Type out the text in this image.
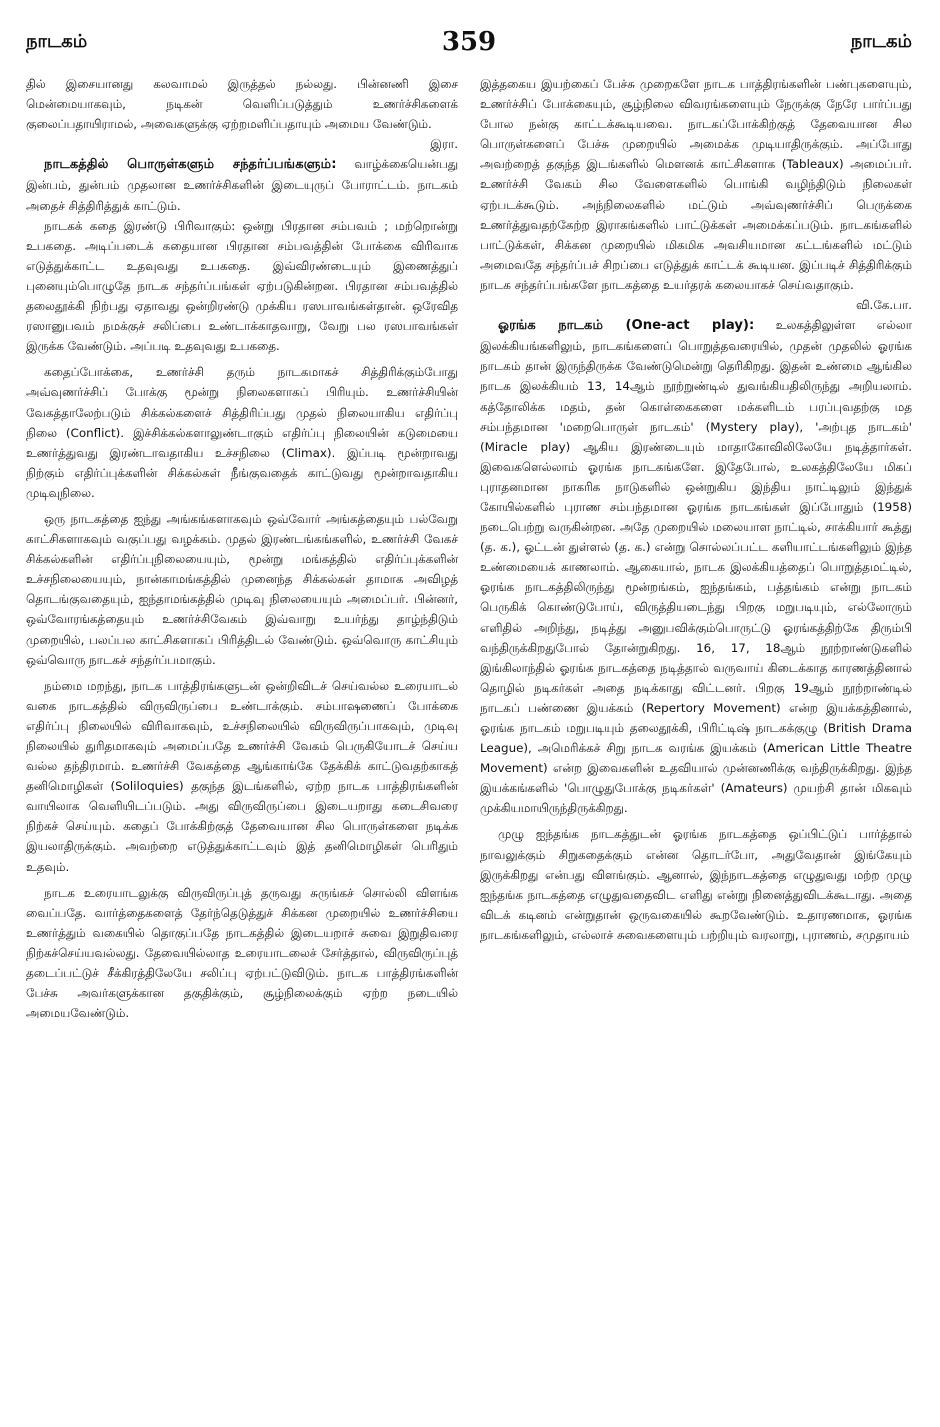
நாடகம்	359	நாடகம்

தில் இசையானது கலவாமல் இருத்தல் நல்லது. பின்னணி இசை மென்மையாகவும், நடிகன் வெளிப்படுத்தும் உணர்ச்சிகளைக் குலைப்பதாயிராமல், அவைகளுக்கு ஏற்றமளிப்பதாயும் அமைய வேண்டும்.
இரா.

நாடகத்தில் பொருள்களும் சந்தர்ப்பங்களும்: வாழ்க்கையென்பது இன்பம், துன்பம் முதலான உணர்ச்சிகளின் இடையுருப் போராட்டம். நாடகம் அதைச் சித்திரித்துக் காட்டும்.

நாடகக் கதை இரண்டு பிரிவாகும்: ஒன்று பிரதான சம்பவம் ; மற்றொன்று உபகதை. அடிப்படைக் கதையான பிரதான சம்பவத்தின் போக்கை விரிவாக எடுத்துக்காட்ட உதவுவது உபகதை. இவ்விரண்டையும் இணைத்துப் புனையும்பொழுதே நாடக சந்தர்ப்பங்கள் ஏற்படுகின்றன. பிரதான சம்பவத்தில் தலைதூக்கி நிற்பது ஏதாவது ஒன்றிரண்டு முக்கிய ரஸபாவங்கள்தான். ஒரேவித ரஸானுபவம் நமக்குச் சலிப்பை உண்டாக்காதவாறு, வேறு பல ரஸபாவங்கள் இருக்க வேண்டும். அப்படி உதவுவது உபகதை.

கதைப்போக்கை, உணர்ச்சி தரும் நாடகமாகச் சித்திரிக்கும்போது அவ்வுணர்ச்சிப் போக்கு மூன்று நிலைகளாகப் பிரியும். உணர்ச்சியின் வேகத்தாலேற்படும் சிக்கல்களைச் சித்திரிப்பது முதல் நிலையாகிய எதிர்ப்பு நிலை (Conflict). இச்சிக்கல்களாலுண்டாகும் எதிர்ப்பு நிலையின் கடுமையை உணர்த்துவது இரண்டாவதாகிய உச்சநிலை (Climax). இப்படி மூன்றாவது நிற்கும் எதிர்ப்புக்களின் சிக்கல்கள் நீங்குவதைக் காட்டுவது மூன்றாவதாகிய முடிவுநிலை.

ஒரு நாடகத்தை ஐந்து அங்கங்களாகவும் ஒவ்வோர் அங்கத்தையும் பல்வேறு காட்சிகளாகவும் வகுப்பது வழக்கம். முதல் இரண்டங்கங்களில், உணர்ச்சி வேகச் சிக்கல்களின் எதிர்ப்புநிலையையும், மூன்று மங்கத்தில் எதிர்ப்புக்களின் உச்சநிலையையும், நான்காமங்கத்தில் முனைந்த சிக்கல்கள் தாமாக அவிழத் தொடங்குவதையும், ஐந்தாமங்கத்தில் முடிவு நிலையையும் அமைப்பர். பின்னர், ஒவ்வோரங்கத்தையும் உணர்ச்சிவேகம் இவ்வாறு உயர்ந்து தாழ்ந்திடும் முறையில், பலப்பல காட்சிகளாகப் பிரித்திடல் வேண்டும். ஒவ்வொரு காட்சியும் ஒவ்வொரு நாடகச் சந்தர்ப்பமாகும்.

நம்மை மறந்து, நாடக பாத்திரங்களுடன் ஒன்றிவிடச் செய்வல்ல உரையாடல் வகை நாடகத்தில் விருவிருப்பை உண்டாக்கும். சம்பாஷணைப் போக்கை எதிர்ப்பு நிலையில் விரிவாகவும், உச்சநிலையில் விருவிருப்பாகவும், முடிவு நிலையில் துரிதமாகவும் அமைப்பதே உணர்ச்சி வேகம் பெருகியோடச் செய்ய வல்ல தந்திரமாம். உணர்ச்சி வேகத்தை ஆங்காங்கே தேக்கிக் காட்டுவதற்காகத் தனிமொழிகள் (Soliloquies) தகுந்த இடங்களில், ஏற்ற நாடக பாத்திரங்களின் வாயிலாக வெளியிடப்படும். அது விருவிருப்பை இடையறாது கடைசிவரை நிற்கச் செய்யும். கதைப் போக்கிற்குத் தேவையான சில பொருள்களை நடிக்க இயலாதிருக்கும். அவற்றை எடுத்துக்காட்டவும் இத் தனிமொழிகள் பெரிதும் உதவும்.

நாடக உரையாடலுக்கு விருவிருப்புத் தருவது சுருங்கச் சொல்லி விளங்க வைப்பதே. வார்த்தைகளைத் தேர்ந்தெடுத்துச் சிக்கன முறையில் உணர்ச்சியை உணர்த்தும் வகையில் தொகுப்பதே நாடகத்தில் இடையறாச் சுவை இறுதிவரை நிற்கச்செய்யவல்லது. தேவையில்லாத உரையாடலைச் சேர்த்தால், விருவிருப்புத் தடைப்பட்டுச் சீக்கிரத்திலேயே சலிப்பு ஏற்பட்டுவிடும். நாடக பாத்திரங்களின் பேச்சு அவர்களுக்கான தகுதிக்கும், சூழ்நிலைக்கும் ஏற்ற நடையில் அமையவேண்டும்.

இத்தகைய இயற்கைப் பேச்சு முறைகளே நாடக பாத்திரங்களின் பண்புகளையும், உணர்ச்சிப் போக்கையும், சூழ்நிலை விவரங்களையும் நேருக்கு நேரே பார்ப்பது போல நன்கு காட்டக்கூடியவை. நாடகப்போக்கிற்குத் தேவையான சில பொருள்களைப் பேச்சு முறையில் அமைக்க முடியாதிருக்கும். அப்போது அவற்றைத் தகுந்த இடங்களில் மௌனக் காட்சிகளாக (Tableaux) அமைப்பர். உணர்ச்சி வேகம் சில வேளைகளில் பொங்கி வழிந்திடும் நிலைகள் ஏற்படக்கூடும். அந்நிலைகளில் மட்டும் அவ்வுணர்ச்சிப் பெருக்கை உணர்த்துவதற்கேற்ற இராகங்களில் பாட்டுக்கள் அமைக்கப்படும். நாடகங்களில் பாட்டுக்கள், சிக்கன முறையில் மிகமிக அவசியமான கட்டங்களில் மட்டும் அமைவதே சந்தர்ப்பச் சிறப்பை எடுத்துக் காட்டக் கூடியன. இப்படிச் சித்திரிக்கும் நாடக சந்தர்ப்பங்களே நாடகத்தை உயர்தரக் கலையாகச் செய்வதாகும்.
வி.கே.பா.

ஓரங்க நாடகம் (One-act play): உலகத்திலுள்ள எல்லா இலக்கியங்களிலும், நாடகங்களைப் பொறுத்தவரையில், முதன் முதலில் ஓரங்க நாடகம் தான் இருந்திருக்க வேண்டுமென்று தெரிகிறது. இதன் உண்மை ஆங்கில நாடக இலக்கியம் 13, 14ஆம் நூற்றுண்டில் துவங்கியதிலிருந்து அறியலாம். கத்தோலிக்க மதம், தன் கொள்கைகளை மக்களிடம் பரப்புவதற்கு மத சம்பந்தமான 'மறைபொருள் நாடகம்' (Mystery play), 'அற்புத நாடகம்' (Miracle play) ஆகிய இரண்டையும் மாதாகோவிலிலேயே நடித்தார்கள். இவைகளெல்லாம் ஓரங்க நாடகங்களே. இதேபோல், உலகத்திலேயே மிகப் புராதனமான நாகரிக நாடுகளில் ஒன்றுகிய இந்திய நாட்டிலும் இந்துக் கோயில்களில் புராண சம்பந்தமான ஓரங்க நாடகங்கள் இப்போதும் (1958) நடைபெற்று வருகின்றன. அதே முறையில் மலையாள நாட்டில், சாக்கியார் கூத்து (த. க.), ஓட்டன் துள்ளல் (த. க.) என்று சொல்லப்பட்ட களியாட்டங்களிலும் இந்த உண்மையைக் காணலாம். ஆகையால், நாடக இலக்கியத்தைப் பொறுத்தமட்டில், ஓரங்க நாடகத்திலிருந்து மூன்றங்கம், ஐந்தங்கம், பத்தங்கம் என்று நாடகம் பெருகிக் கொண்டுபோய், விருத்தியடைந்து பிறகு மறுபடியும், எல்லோரும் எளிதில் அறிந்து, நடித்து அனுபவிக்கும்பொருட்டு ஓரங்கத்திற்கே திரும்பி வந்திருக்கிறதுபோல் தோன்றுகிறது. 16, 17, 18ஆம் நூற்றாண்டுகளில் இங்கிலாந்தில் ஓரங்க நாடகத்தை நடித்தால் வருவாய் கிடைக்காத காரணத்தினால் தொழில் நடிகர்கள் அதை நடிக்காது விட்டனர். பிறகு 19ஆம் நூற்றாண்டில் நாடகப் பண்ணை இயக்கம் (Repertory Movement) என்ற இயக்கத்தினால், ஓரங்க நாடகம் மறுபடியும் தலைதூக்கி, பிரிட்டிஷ் நாடகக்குழு (British Drama League), அமெரிக்கச் சிறு நாடக வரங்க இயக்கம் (American Little Theatre Movement) என்ற இவைகளின் உதவியால் முன்னணிக்கு வந்திருக்கிறது. இந்த இயக்கங்களில் 'பொழுதுபோக்கு நடிகர்கள்' (Amateurs) முயற்சி தான் மிகவும் முக்கியமாயிருந்திருக்கிறது.

முழு ஐந்தங்க நாடகத்துடன் ஓரங்க நாடகத்தை ஒப்பிட்டுப் பார்த்தால் நாவலுக்கும் சிறுகதைக்கும் என்ன தொடர்போ, அதுவேதான் இங்கேயும் இருக்கிறது என்பது விளங்கும். ஆனால், இந்நாடகத்தை எழுதுவது மற்ற முழு ஐந்தங்க நாடகத்தை எழுதுவதைவிட எளிது என்று நினைத்துவிடக்கூடாது. அதை விடக் கடினம் என்றுதான் ஒருவகையில் கூறவேண்டும். உதாரணமாக, ஓரங்க நாடகங்களிலும், எல்லாச் சுவைகளையும் பற்றியும் வரலாறு, புராணம், சமுதாயம்
